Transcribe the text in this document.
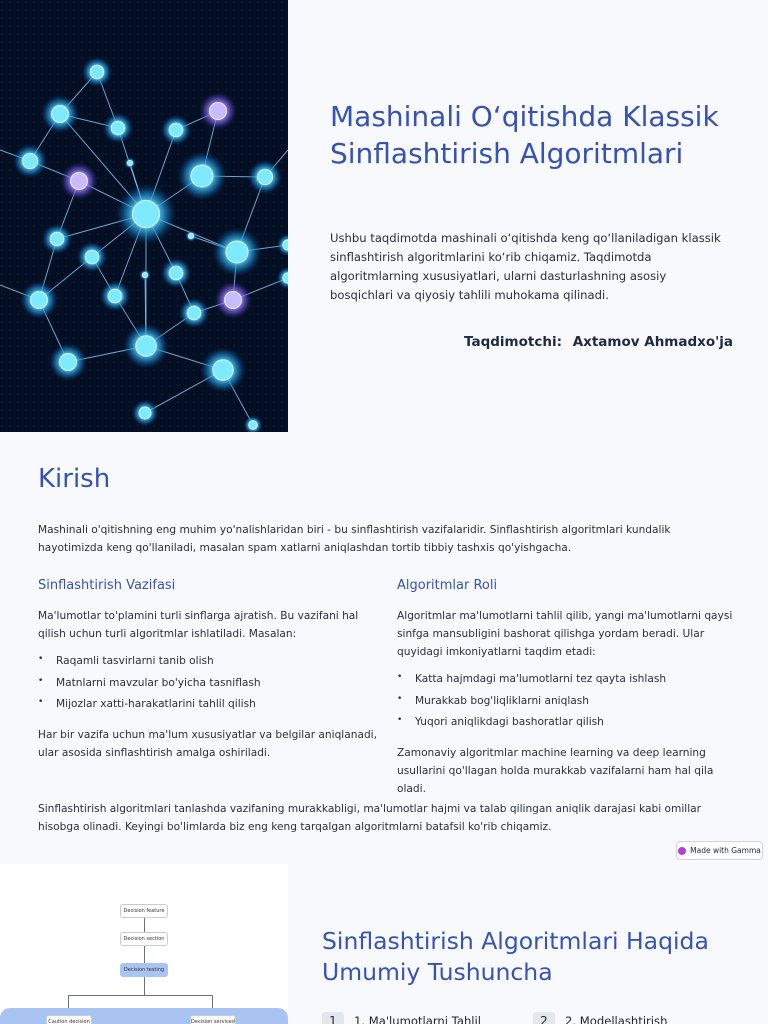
Mashinali O‘qitishda Klassik Sinflashtirish Algoritmlari

Ushbu taqdimotda mashinali o‘qitishda keng qo‘llaniladigan klassik sinflashtirish algoritmlarini ko‘rib chiqamiz. Taqdimotda algoritmlarning xususiyatlari, ularni dasturlashning asosiy bosqichlari va qiyosiy tahlili muhokama qilinadi.

Taqdimotchi: Axtamov Ahmadxo'ja
Kirish

Mashinali o'qitishning eng muhim yo'nalishlaridan biri - bu sinflashtirish vazifalaridir. Sinflashtirish algoritmlari kundalik hayotimizda keng qo'llaniladi, masalan spam xatlarni aniqlashdan tortib tibbiy tashxis qo'yishgacha.

Sinflashtirish Vazifasi

Ma'lumotlar to'plamini turli sinflarga ajratish. Bu vazifani hal qilish uchun turli algoritmlar ishlatiladi. Masalan:

• Raqamli tasvirlarni tanib olish
• Matnlarni mavzular bo'yicha tasniflash
• Mijozlar xatti-harakatlarini tahlil qilish

Har bir vazifa uchun ma'lum xususiyatlar va belgilar aniqlanadi, ular asosida sinflashtirish amalga oshiriladi.

Algoritmlar Roli

Algoritmlar ma'lumotlarni tahlil qilib, yangi ma'lumotlarni qaysi sinfga mansubligini bashorat qilishga yordam beradi. Ular quyidagi imkoniyatlarni taqdim etadi:

• Katta hajmdagi ma'lumotlarni tez qayta ishlash
• Murakkab bog'liqliklarni aniqlash
• Yuqori aniqlikdagi bashoratlar qilish

Zamonaviy algoritmlar machine learning va deep learning usullarini qo'llagan holda murakkab vazifalarni ham hal qila oladi.

Sinflashtirish algoritmlari tanlashda vazifaning murakkabligi, ma'lumotlar hajmi va talab qilingan aniqlik darajasi kabi omillar hisobga olinadi. Keyingi bo'limlarda biz eng keng tarqalgan algoritmlarni batafsil ko'rib chiqamiz.

Made with Gamma
Decision feature
Decision section
Decision testing
Caution decision	Decision serviced
Sinflashtirish Algoritmlari Haqida Umumiy Tushuncha
1	1. Ma'lumotlarni Tahlil	2	2. Modellashtirish
